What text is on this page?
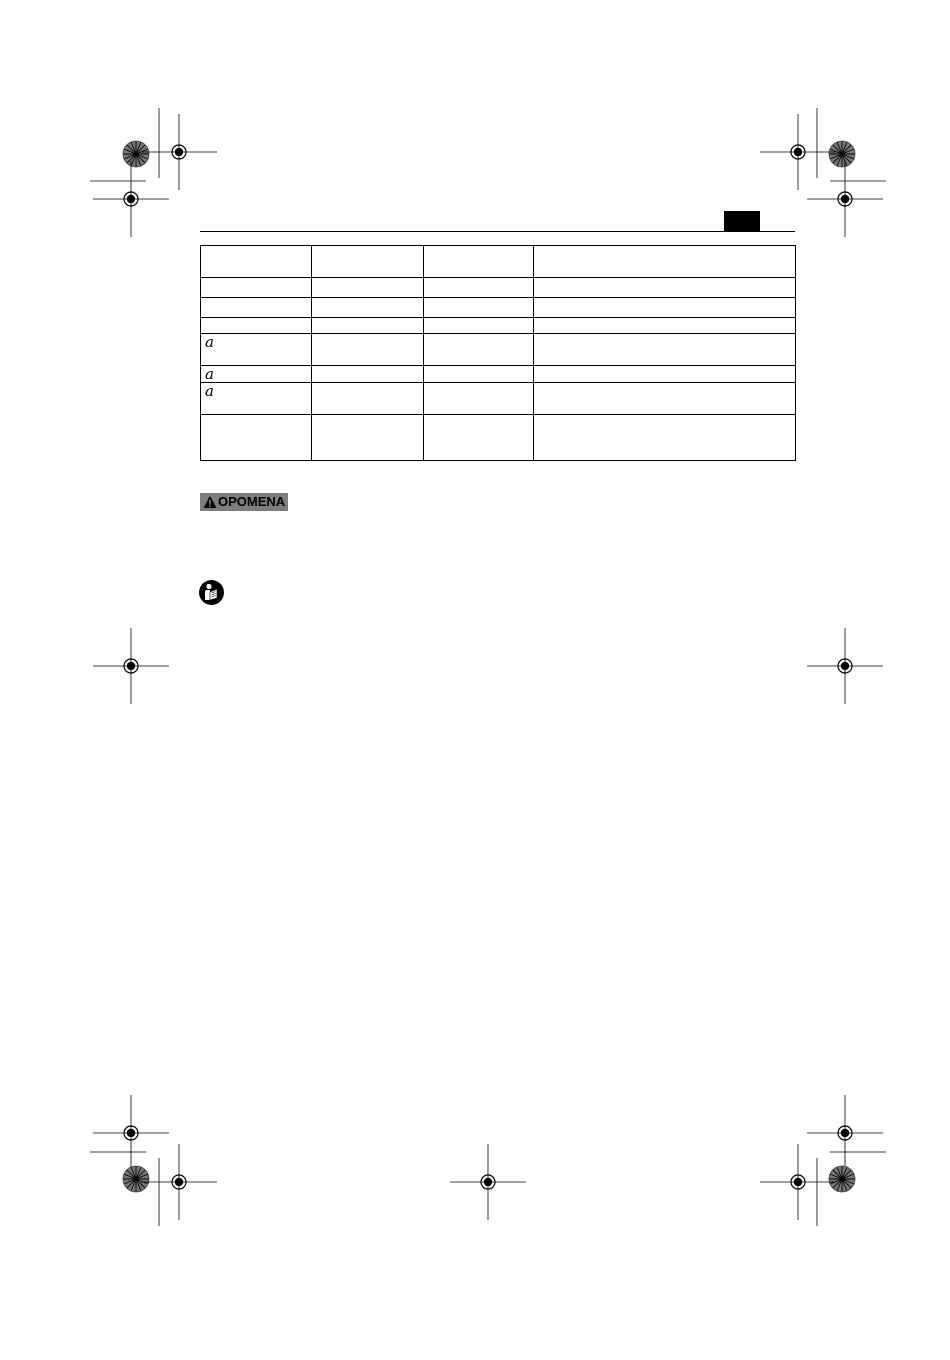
a			
a			
a			

OPOMENA
